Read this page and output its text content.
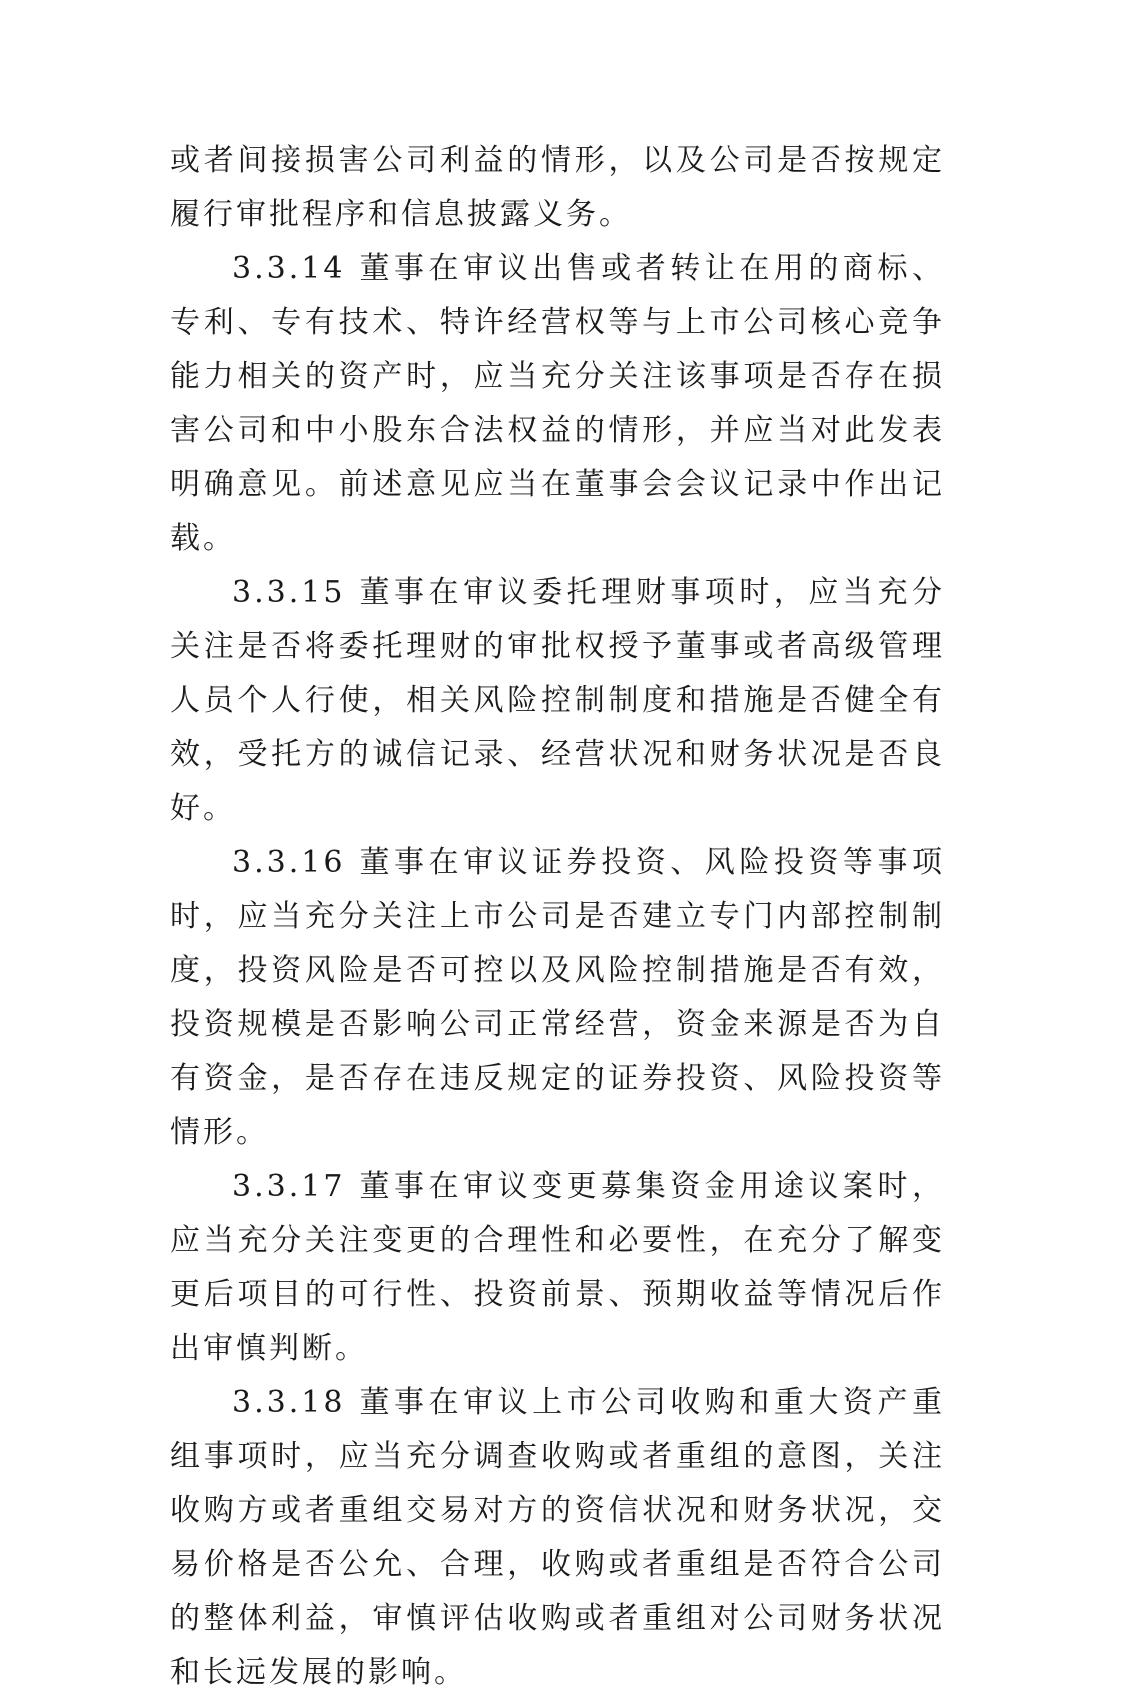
或者间接损害公司利益的情形，以及公司是否按规定履行审批程序和信息披露义务。

3.3.14 董事在审议出售或者转让在用的商标、专利、专有技术、特许经营权等与上市公司核心竞争能力相关的资产时，应当充分关注该事项是否存在损害公司和中小股东合法权益的情形，并应当对此发表明确意见。前述意见应当在董事会会议记录中作出记载。

3.3.15 董事在审议委托理财事项时，应当充分关注是否将委托理财的审批权授予董事或者高级管理人员个人行使，相关风险控制制度和措施是否健全有效，受托方的诚信记录、经营状况和财务状况是否良好。

3.3.16 董事在审议证券投资、风险投资等事项时，应当充分关注上市公司是否建立专门内部控制制度，投资风险是否可控以及风险控制措施是否有效，投资规模是否影响公司正常经营，资金来源是否为自有资金，是否存在违反规定的证券投资、风险投资等情形。

3.3.17 董事在审议变更募集资金用途议案时，应当充分关注变更的合理性和必要性，在充分了解变更后项目的可行性、投资前景、预期收益等情况后作出审慎判断。

3.3.18 董事在审议上市公司收购和重大资产重组事项时，应当充分调查收购或者重组的意图，关注收购方或者重组交易对方的资信状况和财务状况，交易价格是否公允、合理，收购或者重组是否符合公司的整体利益，审慎评估收购或者重组对公司财务状况和长远发展的影响。
